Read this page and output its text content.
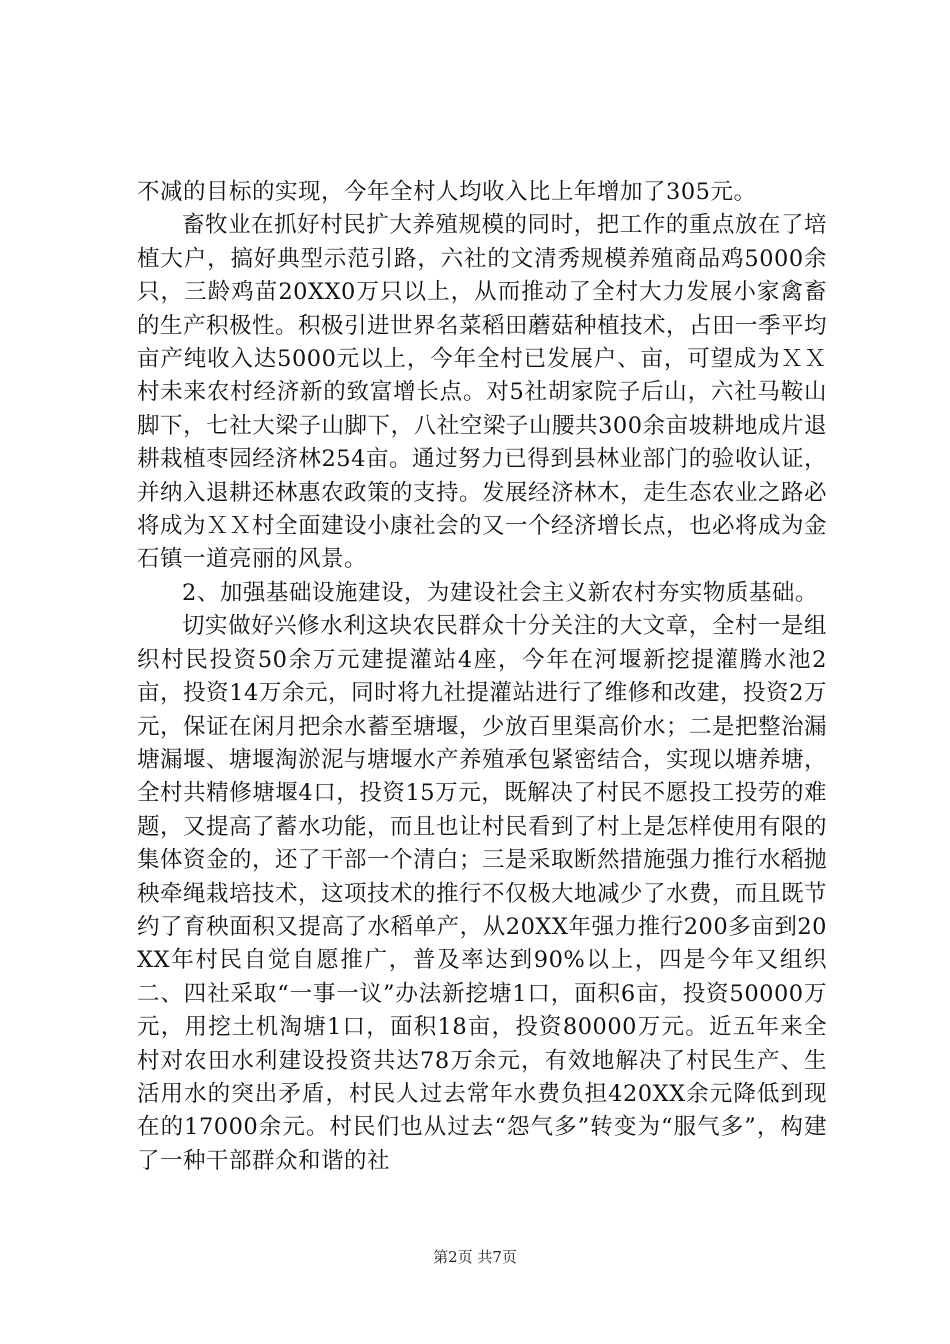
不减的目标的实现，今年全村人均收入比上年增加了305元。

畜牧业在抓好村民扩大养殖规模的同时，把工作的重点放在了培植大户，搞好典型示范引路，六社的文清秀规模养殖商品鸡5000余只，三龄鸡苗20XX0万只以上，从而推动了全村大力发展小家禽畜的生产积极性。积极引进世界名菜稻田蘑菇种植技术，占田一季平均亩产纯收入达5000元以上，今年全村已发展户、亩，可望成为ＸＸ村未来农村经济新的致富增长点。对5社胡家院子后山，六社马鞍山脚下，七社大梁子山脚下，八社空梁子山腰共300余亩坡耕地成片退耕栽植枣园经济林254亩。通过努力已得到县林业部门的验收认证，并纳入退耕还林惠农政策的支持。发展经济林木，走生态农业之路必将成为ＸＸ村全面建设小康社会的又一个经济增长点，也必将成为金石镇一道亮丽的风景。

2、加强基础设施建设，为建设社会主义新农村夯实物质基础。

切实做好兴修水利这块农民群众十分关注的大文章，全村一是组织村民投资50余万元建提灌站4座，今年在河堰新挖提灌腾水池2亩，投资14万余元，同时将九社提灌站进行了维修和改建，投资2万元，保证在闲月把余水蓄至塘堰，少放百里渠高价水；二是把整治漏塘漏堰、塘堰淘淤泥与塘堰水产养殖承包紧密结合，实现以塘养塘，全村共精修塘堰4口，投资15万元，既解决了村民不愿投工投劳的难题，又提高了蓄水功能，而且也让村民看到了村上是怎样使用有限的集体资金的，还了干部一个清白；三是采取断然措施强力推行水稻抛秧牵绳栽培技术，这项技术的推行不仅极大地减少了水费，而且既节约了育秧面积又提高了水稻单产，从20XX年强力推行200多亩到20XX年村民自觉自愿推广，普及率达到90%以上，四是今年又组织二、四社采取“一事一议”办法新挖塘1口，面积6亩，投资50000万元，用挖土机淘塘1口，面积18亩，投资80000万元。近五年来全村对农田水利建设投资共达78万余元，有效地解决了村民生产、生活用水的突出矛盾，村民人过去常年水费负担420XX余元降低到现在的17000余元。村民们也从过去“怨气多”转变为“服气多”，构建了一种干部群众和谐的社

第2页 共7页
